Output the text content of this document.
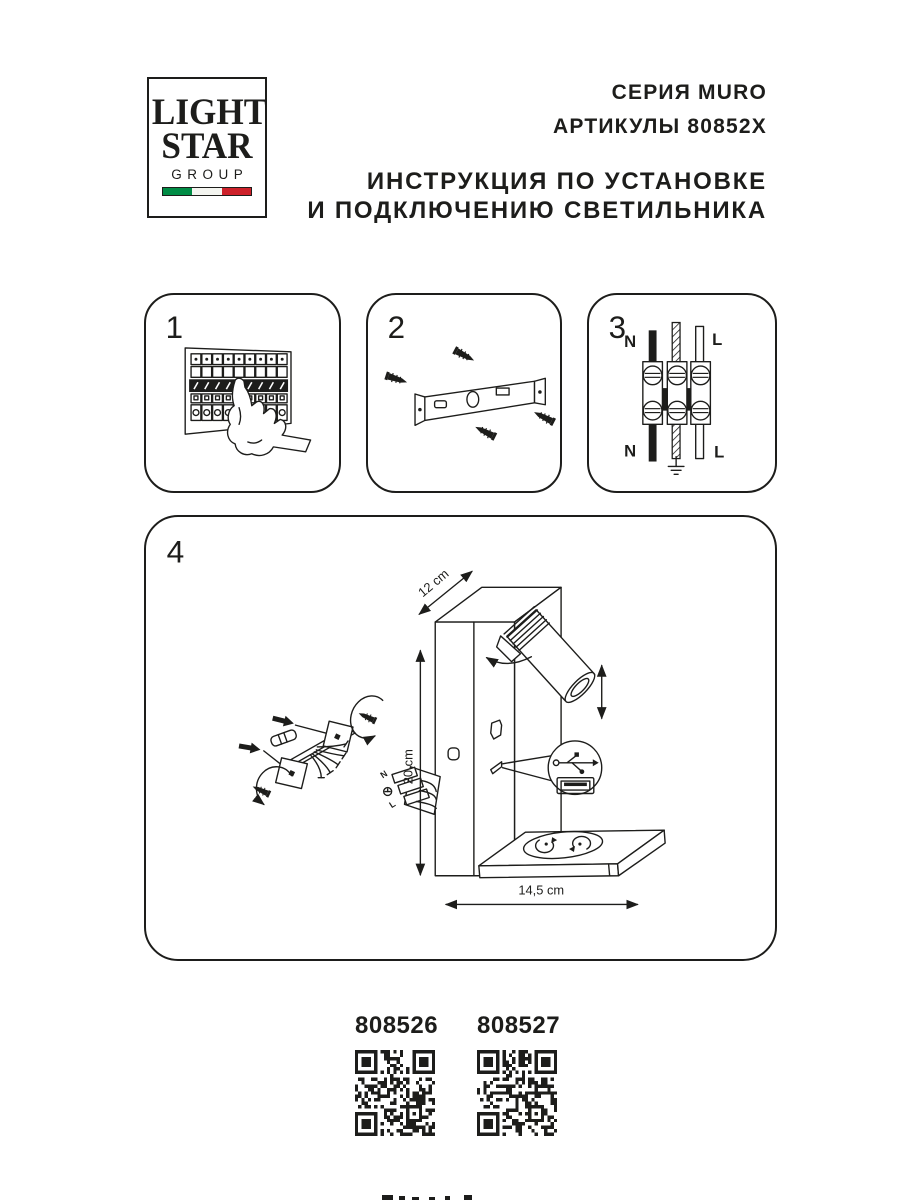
LIGHT
STAR
GROUP
СЕРИЯ MURO
АРТИКУЛЫ 80852X
ИНСТРУКЦИЯ ПО УСТАНОВКЕ
И ПОДКЛЮЧЕНИЮ СВЕТИЛЬНИКА
1	2	3
N	L
N	L
4
N
L
12 cm
20 cm
14,5 cm
808526 808527
